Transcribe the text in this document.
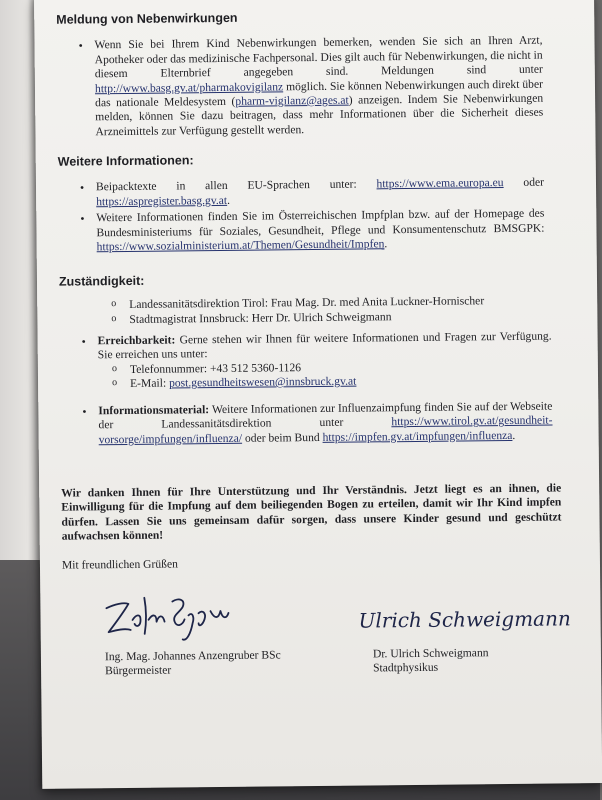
Meldung von Nebenwirkungen
• Wenn Sie bei Ihrem Kind Nebenwirkungen bemerken, wenden Sie sich an Ihren Arzt, Apotheker oder das medizinische Fachpersonal. Dies gilt auch für Nebenwirkungen, die nicht in diesem Elternbrief angegeben sind. Meldungen sind unter http://www.basg.gv.at/pharmakovigilanz möglich. Sie können Nebenwirkungen auch direkt über das nationale Meldesystem (pharm-vigilanz@ages.at) anzeigen. Indem Sie Nebenwirkungen melden, können Sie dazu beitragen, dass mehr Informationen über die Sicherheit dieses Arzneimittels zur Verfügung gestellt werden.
Weitere Informationen:
• Beipacktexte in allen EU-Sprachen unter: https://www.ema.europa.eu oder https://aspregister.basg.gv.at.
• Weitere Informationen finden Sie im Österreichischen Impfplan bzw. auf der Homepage des Bundesministeriums für Soziales, Gesundheit, Pflege und Konsumentenschutz BMSGPK: https://www.sozialministerium.at/Themen/Gesundheit/Impfen.
Zuständigkeit:
o Landessanitätsdirektion Tirol: Frau Mag. Dr. med Anita Luckner-Hornischer
o Stadtmagistrat Innsbruck: Herr Dr. Ulrich Schweigmann
• Erreichbarkeit: Gerne stehen wir Ihnen für weitere Informationen und Fragen zur Verfügung. Sie erreichen uns unter:
o Telefonnummer: +43 512 5360-1126
o E-Mail: post.gesundheitswesen@innsbruck.gv.at
• Informationsmaterial: Weitere Informationen zur Influenzaimpfung finden Sie auf der Webseite der Landessanitätsdirektion unter	https://www.tirol.gv.at/gesundheit-vorsorge/impfungen/influenza/ oder beim Bund https://impfen.gv.at/impfungen/influenza.
Wir danken Ihnen für Ihre Unterstützung und Ihr Verständnis. Jetzt liegt es an ihnen, die Einwilligung für die Impfung auf dem beiliegenden Bogen zu erteilen, damit wir Ihr Kind impfen dürfen. Lassen Sie uns gemeinsam dafür sorgen, dass unsere Kinder gesund und geschützt aufwachsen können!
Mit freundlichen Grüßen
Ulrich Schweigmann
Ing. Mag. Johannes Anzengruber BSc
Bürgermeister
Dr. Ulrich Schweigmann
Stadtphysikus
